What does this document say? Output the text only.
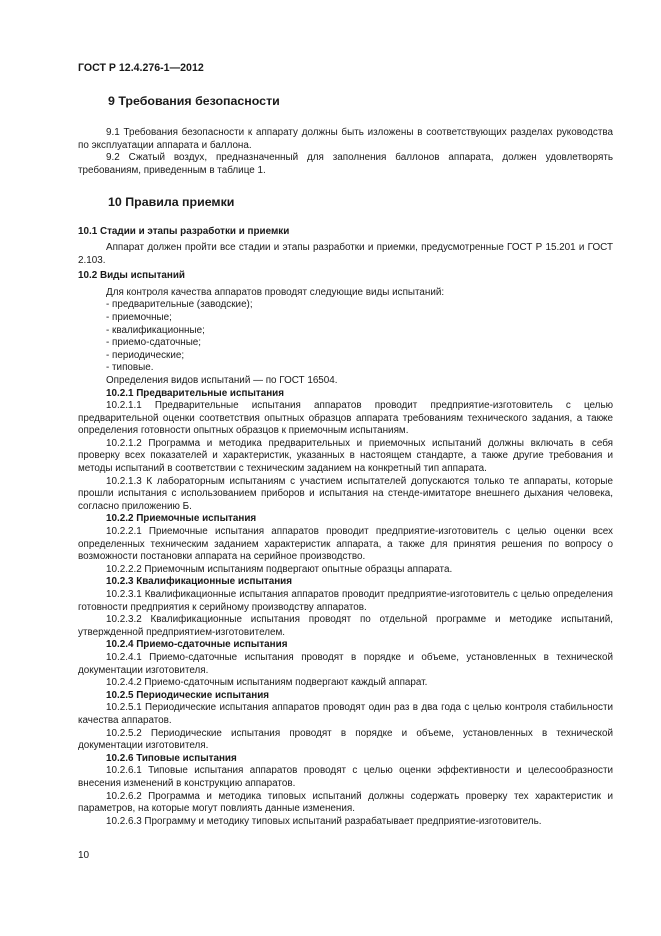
ГОСТ Р 12.4.276-1—2012
9 Требования безопасности
9.1 Требования безопасности к аппарату должны быть изложены в соответствующих разделах руководства по эксплуатации аппарата и баллона.
9.2 Сжатый воздух, предназначенный для заполнения баллонов аппарата, должен удовлетворять требованиям, приведенным в таблице 1.
10 Правила приемки
10.1 Стадии и этапы разработки и приемки
Аппарат должен пройти все стадии и этапы разработки и приемки, предусмотренные ГОСТ Р 15.201 и ГОСТ 2.103.
10.2 Виды испытаний
Для контроля качества аппаратов проводят следующие виды испытаний:
- предварительные (заводские);
- приемочные;
- квалификационные;
- приемо-сдаточные;
- периодические;
- типовые.
Определения видов испытаний — по ГОСТ 16504.
10.2.1 Предварительные испытания
10.2.1.1 Предварительные испытания аппаратов проводит предприятие-изготовитель с целью предварительной оценки соответствия опытных образцов аппарата требованиям технического задания, а также определения готовности опытных образцов к приемочным испытаниям.
10.2.1.2 Программа и методика предварительных и приемочных испытаний должны включать в себя проверку всех показателей и характеристик, указанных в настоящем стандарте, а также другие требования и методы испытаний в соответствии с техническим заданием на конкретный тип аппарата.
10.2.1.3 К лабораторным испытаниям с участием испытателей допускаются только те аппараты, которые прошли испытания с использованием приборов и испытания на стенде-имитаторе внешнего дыхания человека, согласно приложению Б.
10.2.2 Приемочные испытания
10.2.2.1 Приемочные испытания аппаратов проводит предприятие-изготовитель с целью оценки всех определенных техническим заданием характеристик аппарата, а также для принятия решения по вопросу о возможности постановки аппарата на серийное производство.
10.2.2.2 Приемочным испытаниям подвергают опытные образцы аппарата.
10.2.3 Квалификационные испытания
10.2.3.1 Квалификационные испытания аппаратов проводит предприятие-изготовитель с целью определения готовности предприятия к серийному производству аппаратов.
10.2.3.2 Квалификационные испытания проводят по отдельной программе и методике испытаний, утвержденной предприятием-изготовителем.
10.2.4 Приемо-сдаточные испытания
10.2.4.1 Приемо-сдаточные испытания проводят в порядке и объеме, установленных в технической документации изготовителя.
10.2.4.2 Приемо-сдаточным испытаниям подвергают каждый аппарат.
10.2.5 Периодические испытания
10.2.5.1 Периодические испытания аппаратов проводят один раз в два года с целью контроля стабильности качества аппаратов.
10.2.5.2 Периодические испытания проводят в порядке и объеме, установленных в технической документации изготовителя.
10.2.6 Типовые испытания
10.2.6.1 Типовые испытания аппаратов проводят с целью оценки эффективности и целесообразности внесения изменений в конструкцию аппаратов.
10.2.6.2 Программа и методика типовых испытаний должны содержать проверку тех характеристик и параметров, на которые могут повлиять данные изменения.
10.2.6.3 Программу и методику типовых испытаний разрабатывает предприятие-изготовитель.
10
